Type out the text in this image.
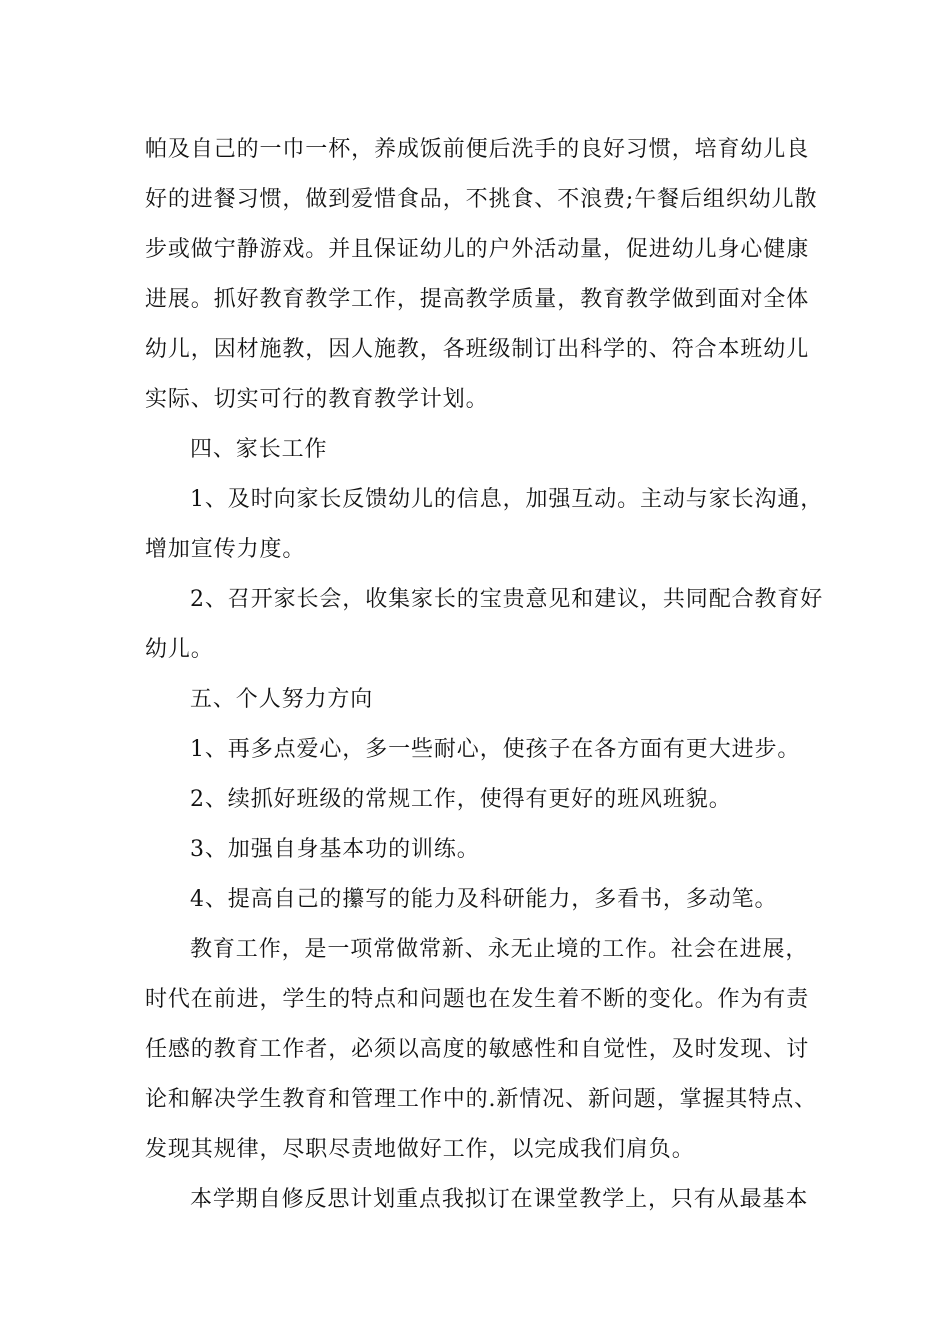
帕及自己的一巾一杯，养成饭前便后洗手的良好习惯，培育幼儿良
好的进餐习惯，做到爱惜食品，不挑食、不浪费;午餐后组织幼儿散
步或做宁静游戏。并且保证幼儿的户外活动量，促进幼儿身心健康
进展。抓好教育教学工作，提高教学质量，教育教学做到面对全体
幼儿，因材施教，因人施教，各班级制订出科学的、符合本班幼儿
实际、切实可行的教育教学计划。
四、家长工作
1、及时向家长反馈幼儿的信息，加强互动。主动与家长沟通，
增加宣传力度。
2、召开家长会，收集家长的宝贵意见和建议，共同配合教育好
幼儿。
五、个人努力方向
1、再多点爱心，多一些耐心，使孩子在各方面有更大进步。
2、续抓好班级的常规工作，使得有更好的班风班貌。
3、加强自身基本功的训练。
4、提高自己的攥写的能力及科研能力，多看书，多动笔。
教育工作，是一项常做常新、永无止境的工作。社会在进展，
时代在前进，学生的特点和问题也在发生着不断的变化。作为有责
任感的教育工作者，必须以高度的敏感性和自觉性，及时发现、讨
论和解决学生教育和管理工作中的.新情况、新问题，掌握其特点、
发现其规律，尽职尽责地做好工作，以完成我们肩负。
本学期自修反思计划重点我拟订在课堂教学上，只有从最基本
